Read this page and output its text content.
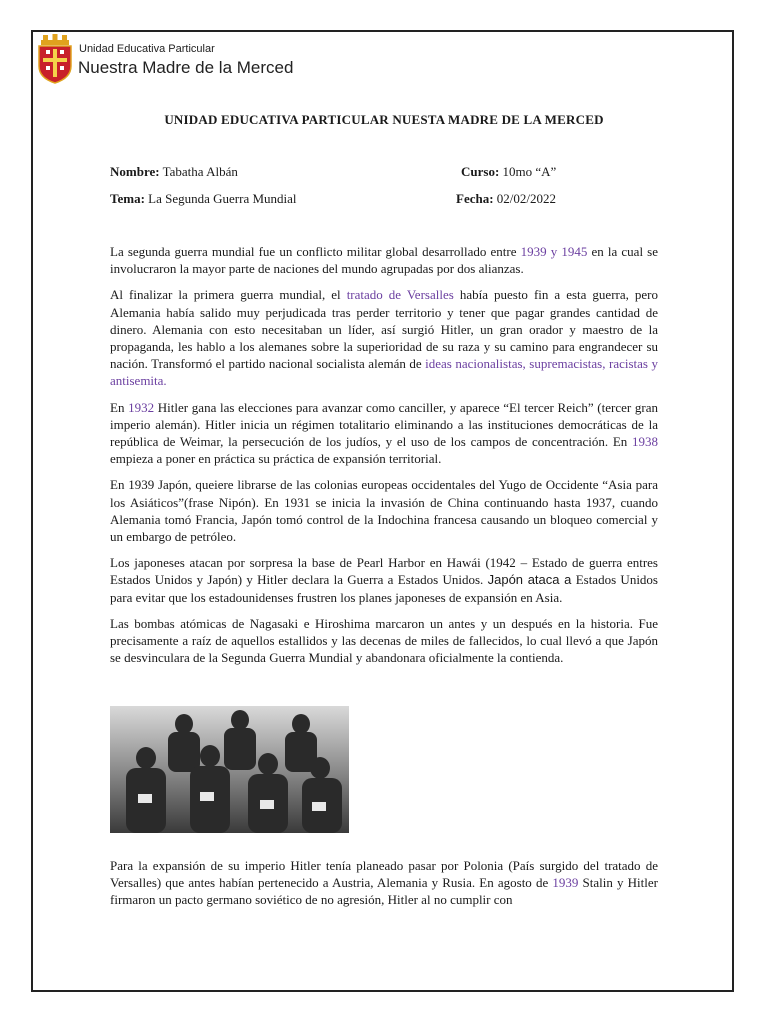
Unidad Educativa Particular
Nuestra Madre de la Merced
UNIDAD EDUCATIVA PARTICULAR NUESTA MADRE DE LA MERCED
Nombre: Tabatha Albán	Curso: 10mo “A”
Tema: La Segunda Guerra Mundial	Fecha: 02/02/2022

La segunda guerra mundial fue un conflicto militar global desarrollado entre 1939 y 1945 en la cual se involucraron la mayor parte de naciones del mundo agrupadas por dos alianzas.

Al finalizar la primera guerra mundial, el tratado de Versalles había puesto fin a esta guerra, pero Alemania había salido muy perjudicada tras perder territorio y tener que pagar grandes cantidad de dinero. Alemania con esto necesitaban un líder, así surgió Hitler, un gran orador y maestro de la propaganda, les hablo a los alemanes sobre la superioridad de su raza y su camino para engrandecer su nación. Transformó el partido nacional socialista alemán de ideas nacionalistas, supremacistas, racistas y antisemita.

En 1932 Hitler gana las elecciones para avanzar como canciller, y aparece “El tercer Reich” (tercer gran imperio alemán). Hitler inicia un régimen totalitario eliminando a las instituciones democráticas de la república de Weimar, la persecución de los judíos, y el uso de los campos de concentración. En 1938 empieza a poner en práctica su práctica de expansión territorial.

En 1939 Japón, queiere librarse de las colonias europeas occidentales del Yugo de Occidente “Asia para los Asiáticos”(frase Nipón). En 1931 se inicia la invasión de China continuando hasta 1937, cuando Alemania tomó Francia, Japón tomó control de la Indochina francesa causando un bloqueo comercial y un embargo de petróleo.

Los japoneses atacan por sorpresa la base de Pearl Harbor en Hawái (1942 – Estado de guerra entres Estados Unidos y Japón) y Hitler declara la Guerra a Estados Unidos. Japón ataca a Estados Unidos para evitar que los estadounidenses frustren los planes japoneses de expansión en Asia.

Las bombas atómicas de Nagasaki e Hiroshima marcaron un antes y un después en la historia. Fue precisamente a raíz de aquellos estallidos y las decenas de miles de fallecidos, lo cual llevó a que Japón se desvinculara de la Segunda Guerra Mundial y abandonara oficialmente la contienda.

Para la expansión de su imperio Hitler tenía planeado pasar por Polonia (País surgido del tratado de Versalles) que antes habían pertenecido a Austria, Alemania y Rusia. En agosto de 1939 Stalin y Hitler firmaron un pacto germano soviético de no agresión, Hitler al no cumplir con
